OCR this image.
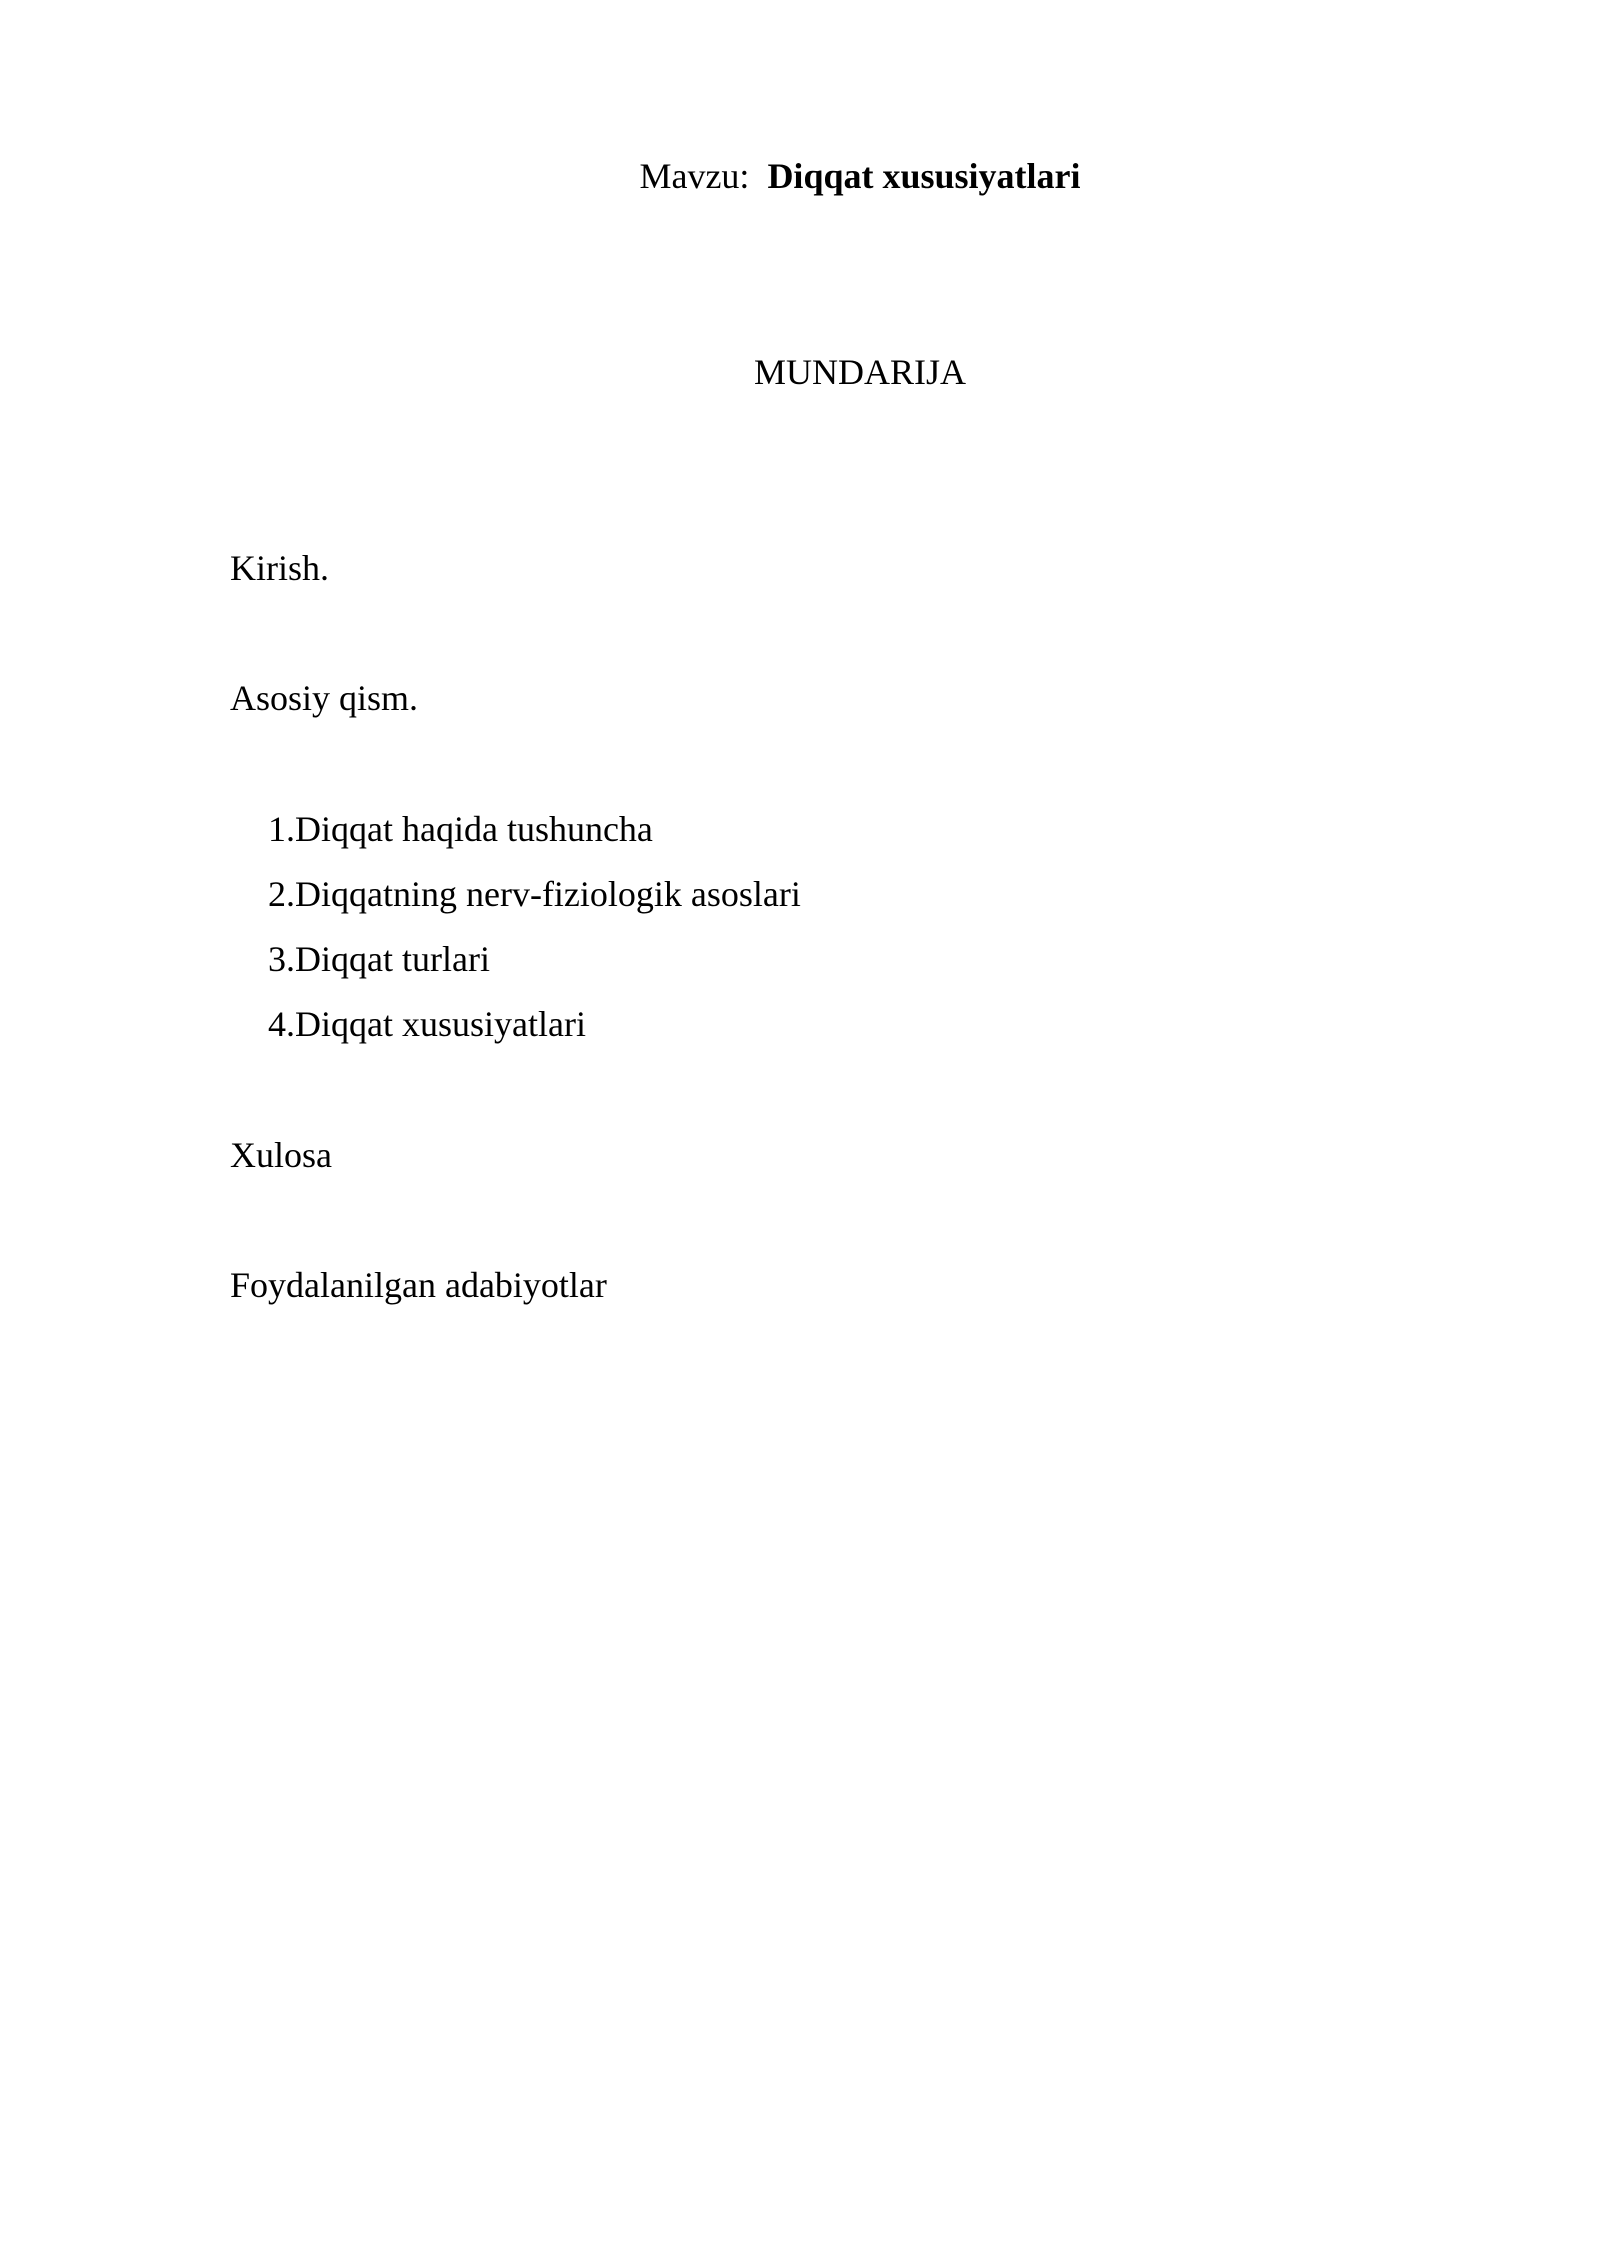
Mavzu: Diqqat xususiyatlari
MUNDARIJA
Kirish.
Asosiy qism.
1.Diqqat haqida tushuncha
2.Diqqatning nerv-fiziologik asoslari
3.Diqqat turlari
4.Diqqat xususiyatlari
Xulosa
Foydalanilgan adabiyotlar
